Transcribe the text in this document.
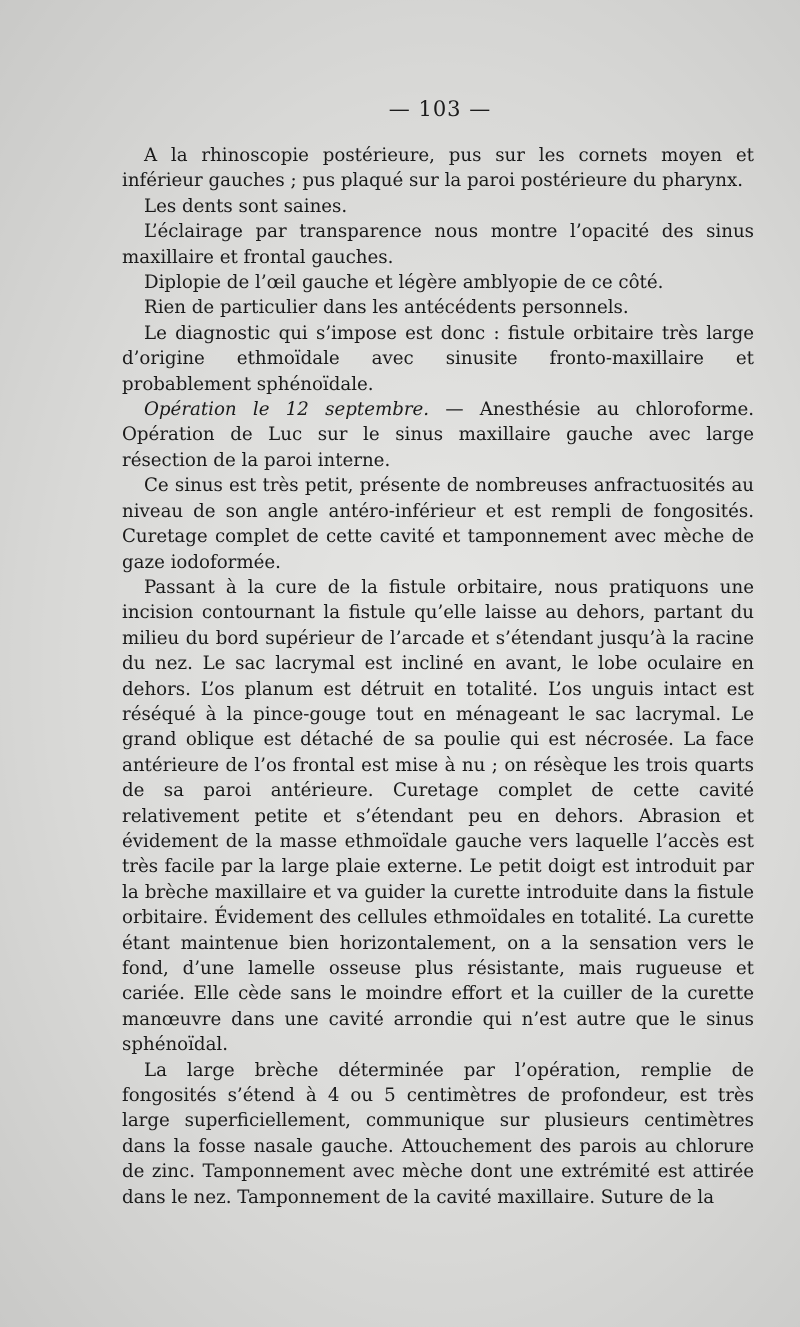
— 103 —

A la rhinoscopie postérieure, pus sur les cornets moyen et inférieur gauches ; pus plaqué sur la paroi postérieure du pharynx.

Les dents sont saines.

L’éclairage par transparence nous montre l’opacité des sinus maxillaire et frontal gauches.

Diplopie de l’œil gauche et légère amblyopie de ce côté.

Rien de particulier dans les antécédents personnels.

Le diagnostic qui s’impose est donc : fistule orbitaire très large d’origine ethmoïdale avec sinusite fronto-maxillaire et probablement sphénoïdale.

Opération le 12 septembre. — Anesthésie au chloroforme. Opération de Luc sur le sinus maxillaire gauche avec large résection de la paroi interne.

Ce sinus est très petit, présente de nombreuses anfractuosités au niveau de son angle antéro-inférieur et est rempli de fongosités. Curetage complet de cette cavité et tamponnement avec mèche de gaze iodoformée.

Passant à la cure de la fistule orbitaire, nous pratiquons une incision contournant la fistule qu’elle laisse au dehors, partant du milieu du bord supérieur de l’arcade et s’étendant jusqu’à la racine du nez. Le sac lacrymal est incliné en avant, le lobe oculaire en dehors. L’os planum est détruit en totalité. L’os unguis intact est réséqué à la pince-gouge tout en ménageant le sac lacrymal. Le grand oblique est détaché de sa poulie qui est nécrosée. La face antérieure de l’os frontal est mise à nu ; on résèque les trois quarts de sa paroi antérieure. Curetage complet de cette cavité relativement petite et s’étendant peu en dehors. Abrasion et évidement de la masse ethmoïdale gauche vers laquelle l’accès est très facile par la large plaie externe. Le petit doigt est introduit par la brèche maxillaire et va guider la curette introduite dans la fistule orbitaire. Évidement des cellules ethmoïdales en totalité. La curette étant maintenue bien horizontalement, on a la sensation vers le fond, d’une lamelle osseuse plus résistante, mais rugueuse et cariée. Elle cède sans le moindre effort et la cuiller de la curette manœuvre dans une cavité arrondie qui n’est autre que le sinus sphénoïdal.

La large brèche déterminée par l’opération, remplie de fongosités s’étend à 4 ou 5 centimètres de profondeur, est très large superficiellement, communique sur plusieurs centimètres dans la fosse nasale gauche. Attouchement des parois au chlorure de zinc. Tamponnement avec mèche dont une extrémité est attirée dans le nez. Tamponnement de la cavité maxillaire. Suture de la
